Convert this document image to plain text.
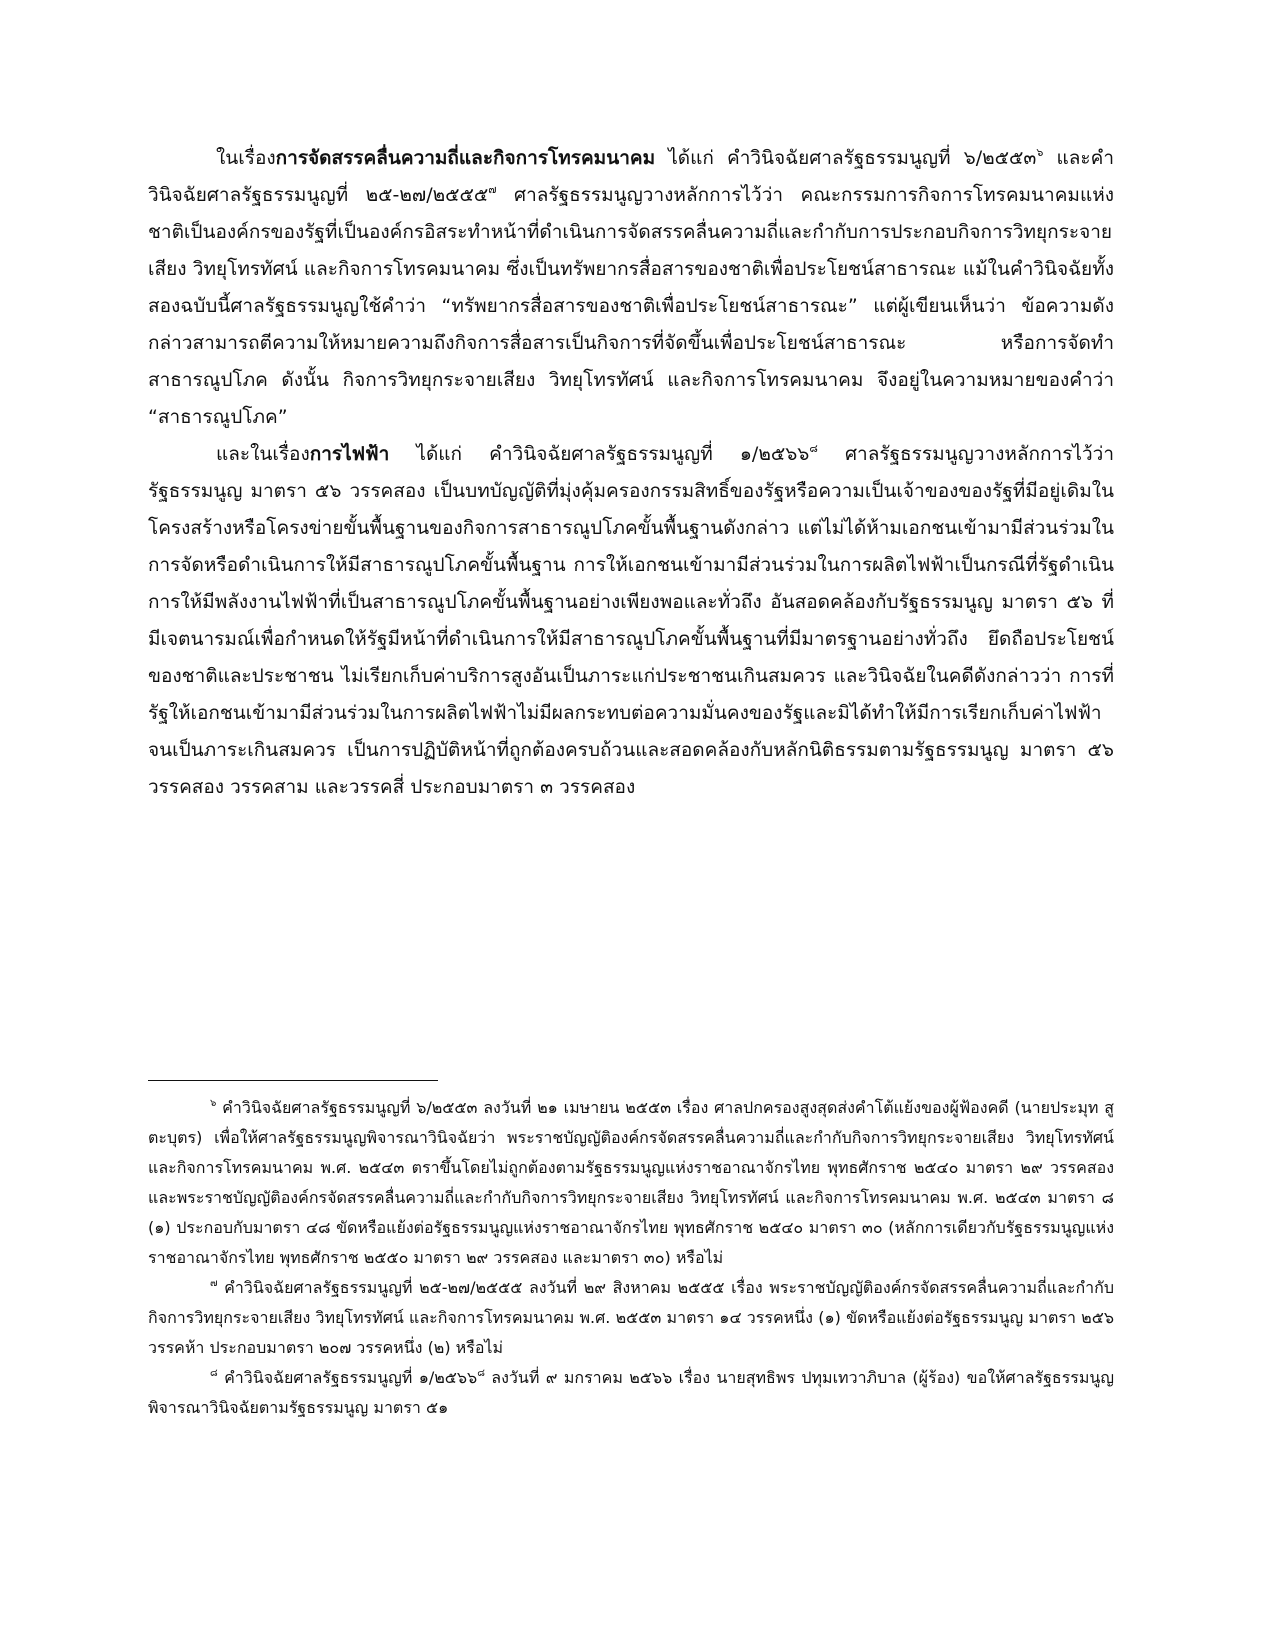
ในเรื่องการจัดสรรคลื่นความถี่และกิจการโทรคมนาคม ได้แก่ คำวินิจฉัยศาลรัฐธรรมนูญที่ ๖/๒๕๕๓$^๖$ และคำวินิจฉัยศาลรัฐธรรมนูญที่ ๒๕-๒๗/๒๕๕๕$^๗$ ศาลรัฐธรรมนูญวางหลักการไว้ว่า คณะกรรมการกิจการโทรคมนาคมแห่งชาติเป็นองค์กรของรัฐที่เป็นองค์กรอิสระทำหน้าที่ดำเนินการจัดสรรคลื่นความถี่และกำกับการประกอบกิจการวิทยุกระจายเสียง วิทยุโทรทัศน์ และกิจการโทรคมนาคม ซึ่งเป็นทรัพยากรสื่อสารของชาติเพื่อประโยชน์สาธารณะ แม้ในคำวินิจฉัยทั้งสองฉบับนี้ศาลรัฐธรรมนูญใช้คำว่า “ทรัพยากรสื่อสารของชาติเพื่อประโยชน์สาธารณะ” แต่ผู้เขียนเห็นว่า ข้อความดังกล่าวสามารถตีความให้หมายความถึงกิจการสื่อสารเป็นกิจการที่จัดขึ้นเพื่อประโยชน์สาธารณะ หรือการจัดทำสาธารณูปโภค ดังนั้น กิจการวิทยุกระจายเสียง วิทยุโทรทัศน์ และกิจการโทรคมนาคม จึงอยู่ในความหมายของคำว่า “สาธารณูปโภค”

และในเรื่องการไฟฟ้า ได้แก่ คำวินิจฉัยศาลรัฐธรรมนูญที่ ๑/๒๕๖๖$^๘$ ศาลรัฐธรรมนูญวางหลักการไว้ว่า รัฐธรรมนูญ มาตรา ๕๖ วรรคสอง เป็นบทบัญญัติที่มุ่งคุ้มครองกรรมสิทธิ์ของรัฐหรือความเป็นเจ้าของของรัฐที่มีอยู่เดิมในโครงสร้างหรือโครงข่ายขั้นพื้นฐานของกิจการสาธารณูปโภคขั้นพื้นฐานดังกล่าว แต่ไม่ได้ห้ามเอกชนเข้ามามีส่วนร่วมในการจัดหรือดำเนินการให้มีสาธารณูปโภคขั้นพื้นฐาน การให้เอกชนเข้ามามีส่วนร่วมในการผลิตไฟฟ้าเป็นกรณีที่รัฐดำเนินการให้มีพลังงานไฟฟ้าที่เป็นสาธารณูปโภคขั้นพื้นฐานอย่างเพียงพอและทั่วถึง อันสอดคล้องกับรัฐธรรมนูญ มาตรา ๕๖ ที่มีเจตนารมณ์เพื่อกำหนดให้รัฐมีหน้าที่ดำเนินการให้มีสาธารณูปโภคขั้นพื้นฐานที่มีมาตรฐานอย่างทั่วถึง ยึดถือประโยชน์ของชาติและประชาชน ไม่เรียกเก็บค่าบริการสูงอันเป็นภาระแก่ประชาชนเกินสมควร และวินิจฉัยในคดีดังกล่าวว่า การที่รัฐให้เอกชนเข้ามามีส่วนร่วมในการผลิตไฟฟ้าไม่มีผลกระทบต่อความมั่นคงของรัฐและมิได้ทำให้มีการเรียกเก็บค่าไฟฟ้าจนเป็นภาระเกินสมควร เป็นการปฏิบัติหน้าที่ถูกต้องครบถ้วนและสอดคล้องกับหลักนิติธรรมตามรัฐธรรมนูญ มาตรา ๕๖ วรรคสอง วรรคสาม และวรรคสี่ ประกอบมาตรา ๓ วรรคสอง

$^๖$ คำวินิจฉัยศาลรัฐธรรมนูญที่ ๖/๒๕๕๓ ลงวันที่ ๒๑ เมษายน ๒๕๕๓ เรื่อง ศาลปกครองสูงสุดส่งคำโต้แย้งของผู้ฟ้องคดี (นายประมุท สูตะบุตร) เพื่อให้ศาลรัฐธรรมนูญพิจารณาวินิจฉัยว่า พระราชบัญญัติองค์กรจัดสรรคลื่นความถี่และกำกับกิจการวิทยุกระจายเสียง วิทยุโทรทัศน์ และกิจการโทรคมนาคม พ.ศ. ๒๕๔๓ ตราขึ้นโดยไม่ถูกต้องตามรัฐธรรมนูญแห่งราชอาณาจักรไทย พุทธศักราช ๒๕๔๐ มาตรา ๒๙ วรรคสอง และพระราชบัญญัติองค์กรจัดสรรคลื่นความถี่และกำกับกิจการวิทยุกระจายเสียง วิทยุโทรทัศน์ และกิจการโทรคมนาคม พ.ศ. ๒๕๔๓ มาตรา ๘ (๑) ประกอบกับมาตรา ๔๘ ขัดหรือแย้งต่อรัฐธรรมนูญแห่งราชอาณาจักรไทย พุทธศักราช ๒๕๔๐ มาตรา ๓๐ (หลักการเดียวกับรัฐธรรมนูญแห่งราชอาณาจักรไทย พุทธศักราช ๒๕๕๐ มาตรา ๒๙ วรรคสอง และมาตรา ๓๐) หรือไม่

$^๗$ คำวินิจฉัยศาลรัฐธรรมนูญที่ ๒๕-๒๗/๒๕๕๕ ลงวันที่ ๒๙ สิงหาคม ๒๕๕๕ เรื่อง พระราชบัญญัติองค์กรจัดสรรคลื่นความถี่และกำกับกิจการวิทยุกระจายเสียง วิทยุโทรทัศน์ และกิจการโทรคมนาคม พ.ศ. ๒๕๕๓ มาตรา ๑๔ วรรคหนึ่ง (๑) ขัดหรือแย้งต่อรัฐธรรมนูญ มาตรา ๒๕๖ วรรคห้า ประกอบมาตรา ๒๐๗ วรรคหนึ่ง (๒) หรือไม่

$^๘$ คำวินิจฉัยศาลรัฐธรรมนูญที่ ๑/๒๕๖๖$^๘$ ลงวันที่ ๙ มกราคม ๒๕๖๖ เรื่อง นายสุทธิพร ปทุมเทวาภิบาล (ผู้ร้อง) ขอให้ศาลรัฐธรรมนูญพิจารณาวินิจฉัยตามรัฐธรรมนูญ มาตรา ๕๑
